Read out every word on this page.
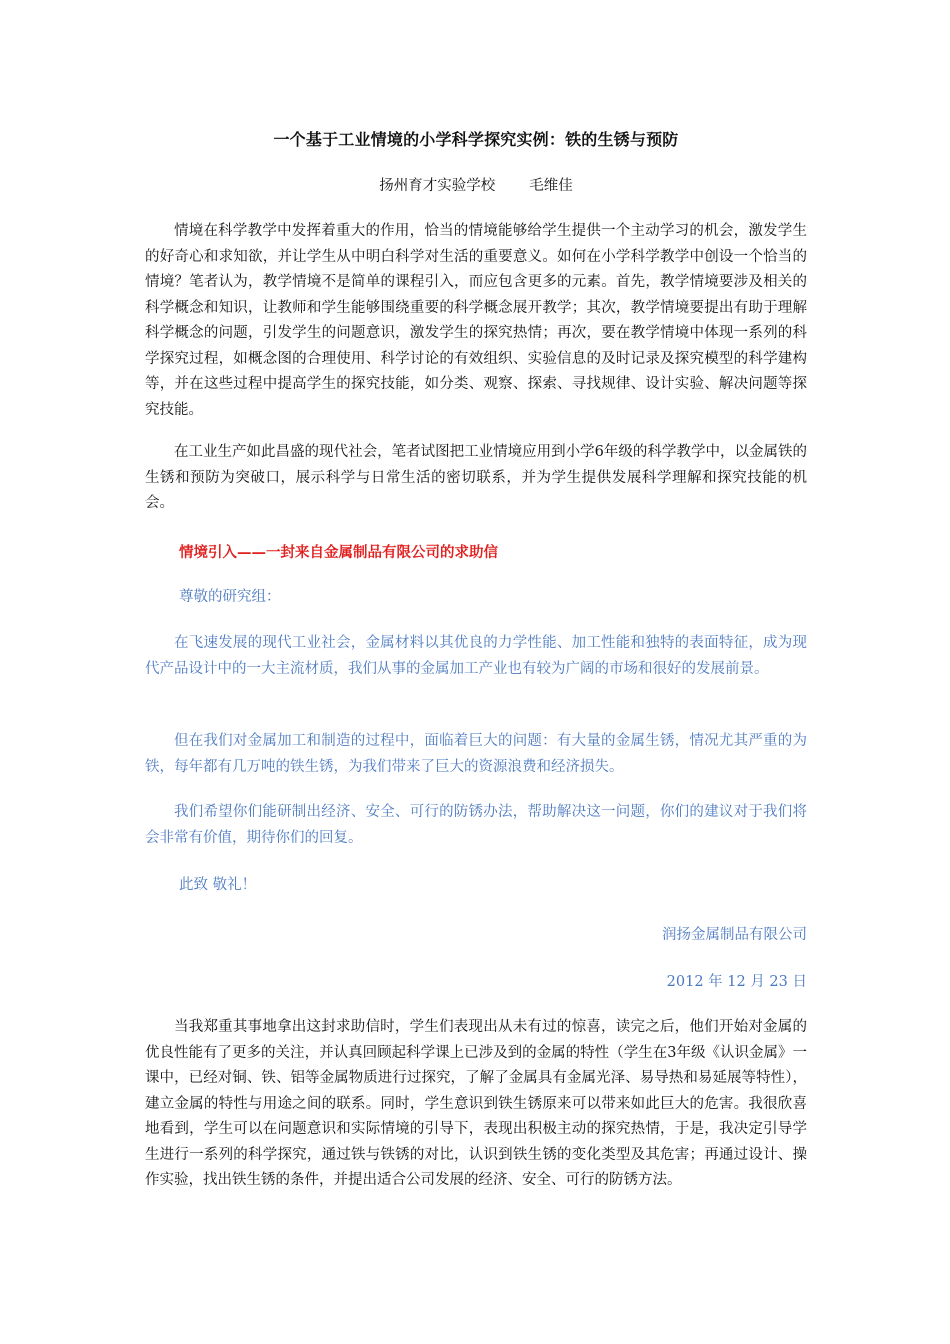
一个基于工业情境的小学科学探究实例：铁的生锈与预防
扬州育才实验学校 毛维佳

情境在科学教学中发挥着重大的作用，恰当的情境能够给学生提供一个主动学习的机会，激发学生的好奇心和求知欲，并让学生从中明白科学对生活的重要意义。如何在小学科学教学中创设一个恰当的情境？笔者认为，教学情境不是简单的课程引入，而应包含更多的元素。首先，教学情境要涉及相关的科学概念和知识，让教师和学生能够围绕重要的科学概念展开教学；其次，教学情境要提出有助于理解科学概念的问题，引发学生的问题意识，激发学生的探究热情；再次，要在教学情境中体现一系列的科学探究过程，如概念图的合理使用、科学讨论的有效组织、实验信息的及时记录及探究模型的科学建构等，并在这些过程中提高学生的探究技能，如分类、观察、探索、寻找规律、设计实验、解决问题等探究技能。

在工业生产如此昌盛的现代社会，笔者试图把工业情境应用到小学6年级的科学教学中，以金属铁的生锈和预防为突破口，展示科学与日常生活的密切联系，并为学生提供发展科学理解和探究技能的机会。

情境引入——一封来自金属制品有限公司的求助信
尊敬的研究组：

在飞速发展的现代工业社会，金属材料以其优良的力学性能、加工性能和独特的表面特征，成为现代产品设计中的一大主流材质，我们从事的金属加工产业也有较为广阔的市场和很好的发展前景。

但在我们对金属加工和制造的过程中，面临着巨大的问题：有大量的金属生锈，情况尤其严重的为铁，每年都有几万吨的铁生锈，为我们带来了巨大的资源浪费和经济损失。

我们希望你们能研制出经济、安全、可行的防锈办法，帮助解决这一问题，你们的建议对于我们将会非常有价值，期待你们的回复。

此致 敬礼！
润扬金属制品有限公司
2012 年 12 月 23 日

当我郑重其事地拿出这封求助信时，学生们表现出从未有过的惊喜，读完之后，他们开始对金属的优良性能有了更多的关注，并认真回顾起科学课上已涉及到的金属的特性（学生在3年级《认识金属》一课中，已经对铜、铁、铝等金属物质进行过探究，了解了金属具有金属光泽、易导热和易延展等特性），建立金属的特性与用途之间的联系。同时，学生意识到铁生锈原来可以带来如此巨大的危害。我很欣喜地看到，学生可以在问题意识和实际情境的引导下，表现出积极主动的探究热情，于是，我决定引导学生进行一系列的科学探究，通过铁与铁锈的对比，认识到铁生锈的变化类型及其危害；再通过设计、操作实验，找出铁生锈的条件，并提出适合公司发展的经济、安全、可行的防锈方法。
